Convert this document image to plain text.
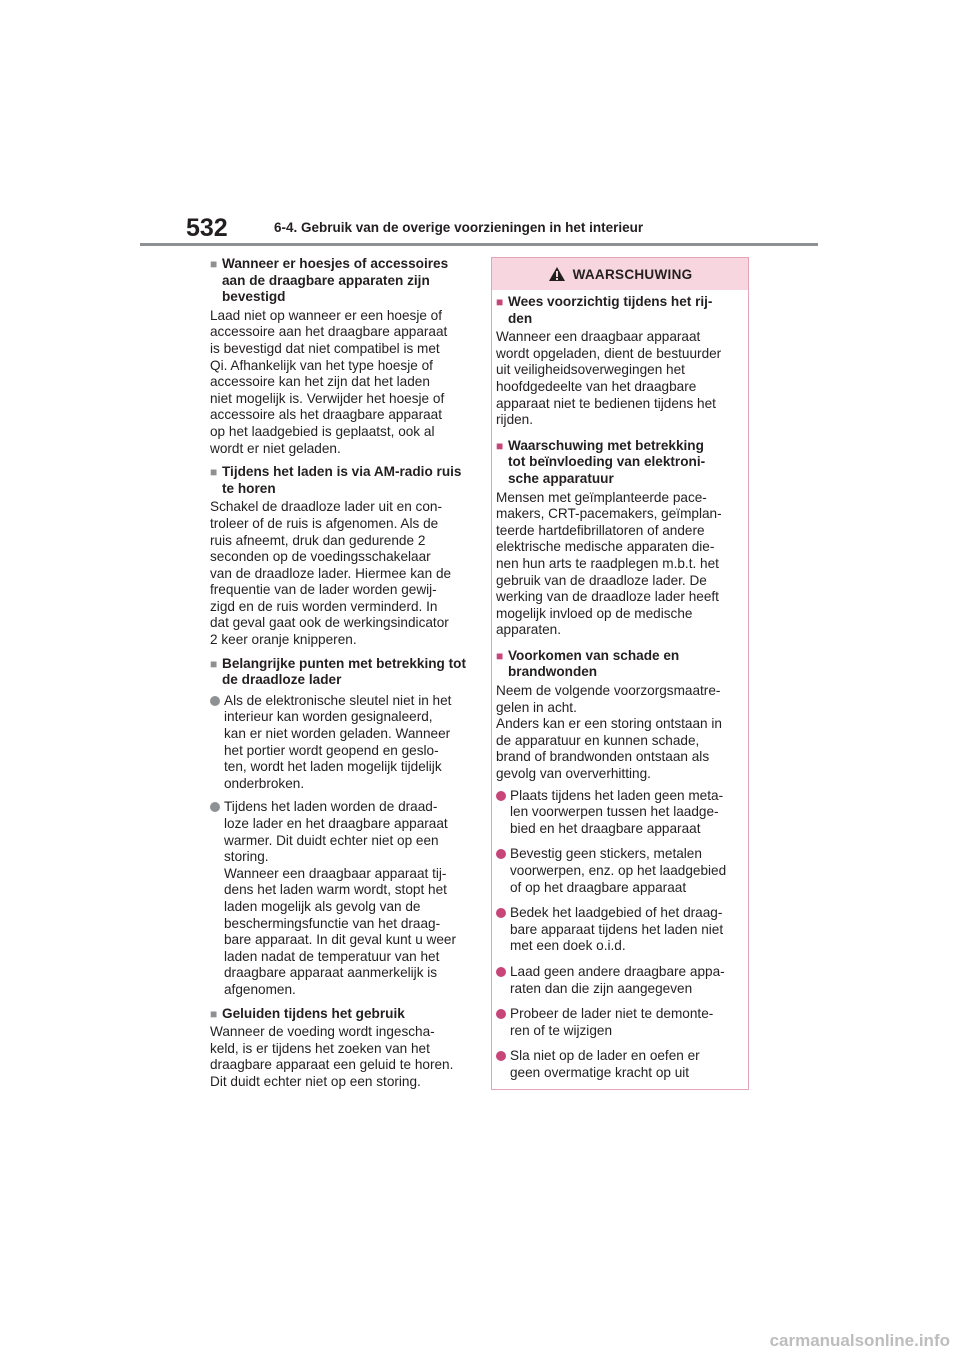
532	6-4. Gebruik van de overige voorzieningen in het interieur
■ Wanneer er hoesjes of accessoires aan de draagbare apparaten zijn bevestigd

Laad niet op wanneer er een hoesje of
accessoire aan het draagbare apparaat
is bevestigd dat niet compatibel is met
Qi. Afhankelijk van het type hoesje of
accessoire kan het zijn dat het laden
niet mogelijk is. Verwijder het hoesje of
accessoire als het draagbare apparaat
op het laadgebied is geplaatst, ook al
wordt er niet geladen.

■ Tijdens het laden is via AM-radio ruis te horen

Schakel de draadloze lader uit en con-
troleer of de ruis is afgenomen. Als de
ruis afneemt, druk dan gedurende 2
seconden op de voedingsschakelaar
van de draadloze lader. Hiermee kan de
frequentie van de lader worden gewij-
zigd en de ruis worden verminderd. In
dat geval gaat ook de werkingsindicator
2 keer oranje knipperen.

■ Belangrijke punten met betrekking tot de draadloze lader
Als de elektronische sleutel niet in het
interieur kan worden gesignaleerd,
kan er niet worden geladen. Wanneer
het portier wordt geopend en geslo-
ten, wordt het laden mogelijk tijdelijk
onderbroken.
Tijdens het laden worden de draad-
loze lader en het draagbare apparaat
warmer. Dit duidt echter niet op een
storing.
Wanneer een draagbaar apparaat tij-
dens het laden warm wordt, stopt het
laden mogelijk als gevolg van de
beschermingsfunctie van het draag-
bare apparaat. In dit geval kunt u weer
laden nadat de temperatuur van het
draagbare apparaat aanmerkelijk is
afgenomen.
■ Geluiden tijdens het gebruik

Wanneer de voeding wordt ingescha-
keld, is er tijdens het zoeken van het
draagbare apparaat een geluid te horen.
Dit duidt echter niet op een storing.

WAARSCHUWING
■ Wees voorzichtig tijdens het rij-
den

Wanneer een draagbaar apparaat
wordt opgeladen, dient de bestuurder
uit veiligheidsoverwegingen het
hoofdgedeelte van het draagbare
apparaat niet te bedienen tijdens het
rijden.

■ Waarschuwing met betrekking
tot beïnvloeding van elektroni-
sche apparatuur

Mensen met geïmplanteerde pace-
makers, CRT-pacemakers, geïmplan-
teerde hartdefibrillatoren of andere
elektrische medische apparaten die-
nen hun arts te raadplegen m.b.t. het
gebruik van de draadloze lader. De
werking van de draadloze lader heeft
mogelijk invloed op de medische
apparaten.

■ Voorkomen van schade en
brandwonden

Neem de volgende voorzorgsmaatre-
gelen in acht.
Anders kan er een storing ontstaan in
de apparatuur en kunnen schade,
brand of brandwonden ontstaan als
gevolg van oververhitting.

Plaats tijdens het laden geen meta-
len voorwerpen tussen het laadge-
bied en het draagbare apparaat
Bevestig geen stickers, metalen
voorwerpen, enz. op het laadgebied
of op het draagbare apparaat
Bedek het laadgebied of het draag-
bare apparaat tijdens het laden niet
met een doek o.i.d.
Laad geen andere draagbare appa-
raten dan die zijn aangegeven
Probeer de lader niet te demonte-
ren of te wijzigen
Sla niet op de lader en oefen er
geen overmatige kracht op uit
carmanualsonline.info
